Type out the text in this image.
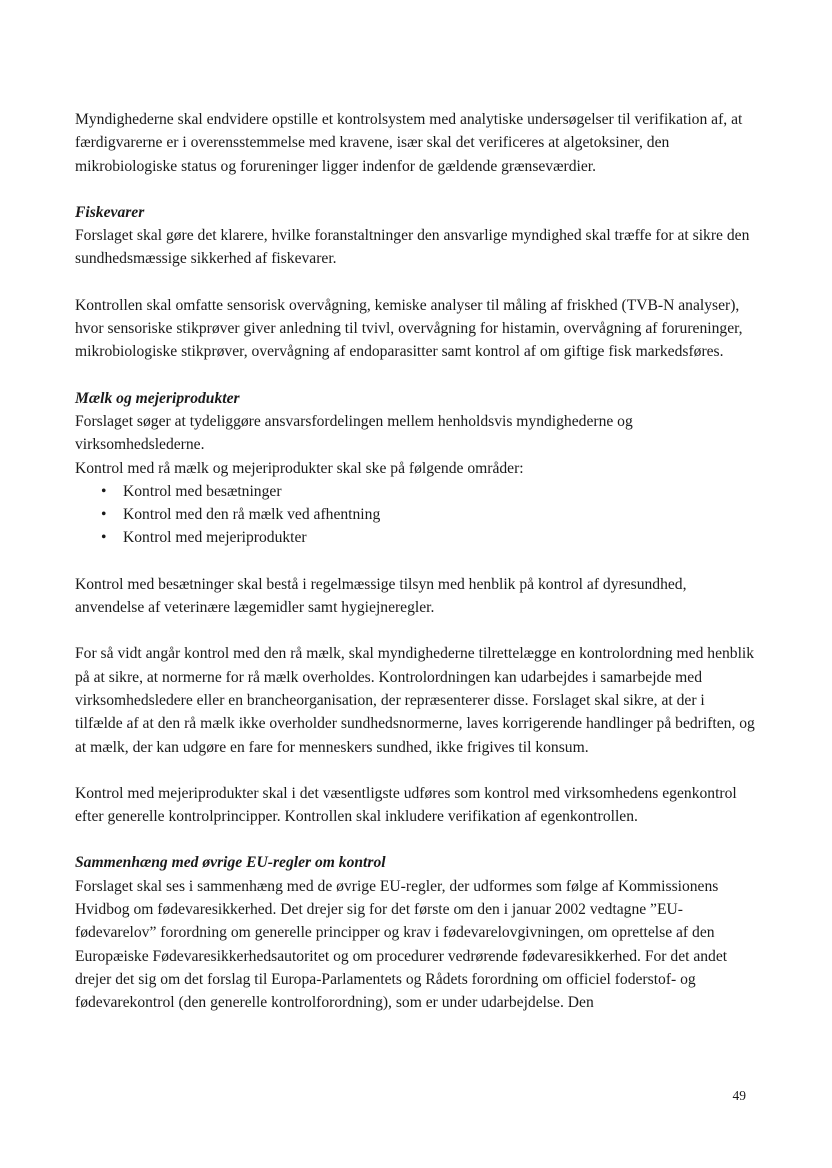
Myndighederne skal endvidere opstille et kontrolsystem med analytiske undersøgelser til verifikation af, at færdigvarerne er i overensstemmelse med kravene, især skal det verificeres at algetoksiner, den mikrobiologiske status og forureninger ligger indenfor de gældende grænseværdier.
Fiskevarer
Forslaget skal gøre det klarere, hvilke foranstaltninger den ansvarlige myndighed skal træffe for at sikre den sundhedsmæssige sikkerhed af fiskevarer.
Kontrollen skal omfatte sensorisk overvågning, kemiske analyser til måling af friskhed (TVB-N analyser), hvor sensoriske stikprøver giver anledning til tvivl, overvågning for histamin, overvågning af forureninger, mikrobiologiske stikprøver, overvågning af endoparasitter samt kontrol af om giftige fisk markedsføres.
Mælk og mejeriprodukter
Forslaget søger at tydeliggøre ansvarsfordelingen mellem henholdsvis myndighederne og virksomhedslederne.
Kontrol med rå mælk og mejeriprodukter skal ske på følgende områder:
• Kontrol med besætninger
• Kontrol med den rå mælk ved afhentning
• Kontrol med mejeriprodukter
Kontrol med besætninger skal bestå i regelmæssige tilsyn med henblik på kontrol af dyresundhed, anvendelse af veterinære lægemidler samt hygiejneregler.
For så vidt angår kontrol med den rå mælk, skal myndighederne tilrettelægge en kontrolordning med henblik på at sikre, at normerne for rå mælk overholdes. Kontrolordningen kan udarbejdes i samarbejde med virksomhedsledere eller en brancheorganisation, der repræsenterer disse. Forslaget skal sikre, at der i tilfælde af at den rå mælk ikke overholder sundhedsnormerne, laves korrigerende handlinger på bedriften, og at mælk, der kan udgøre en fare for menneskers sundhed, ikke frigives til konsum.
Kontrol med mejeriprodukter skal i det væsentligste udføres som kontrol med virksomhedens egenkontrol efter generelle kontrolprincipper. Kontrollen skal inkludere verifikation af egenkontrollen.
Sammenhæng med øvrige EU-regler om kontrol
Forslaget skal ses i sammenhæng med de øvrige EU-regler, der udformes som følge af Kommissionens Hvidbog om fødevaresikkerhed. Det drejer sig for det første om den i januar 2002 vedtagne ”EU-fødevarelov” forordning om generelle principper og krav i fødevarelovgivningen, om oprettelse af den Europæiske Fødevaresikkerhedsautoritet og om procedurer vedrørende fødevaresikkerhed. For det andet drejer det sig om det forslag til Europa-Parlamentets og Rådets forordning om officiel foderstof- og fødevarekontrol (den generelle kontrolforordning), som er under udarbejdelse. Den
49
